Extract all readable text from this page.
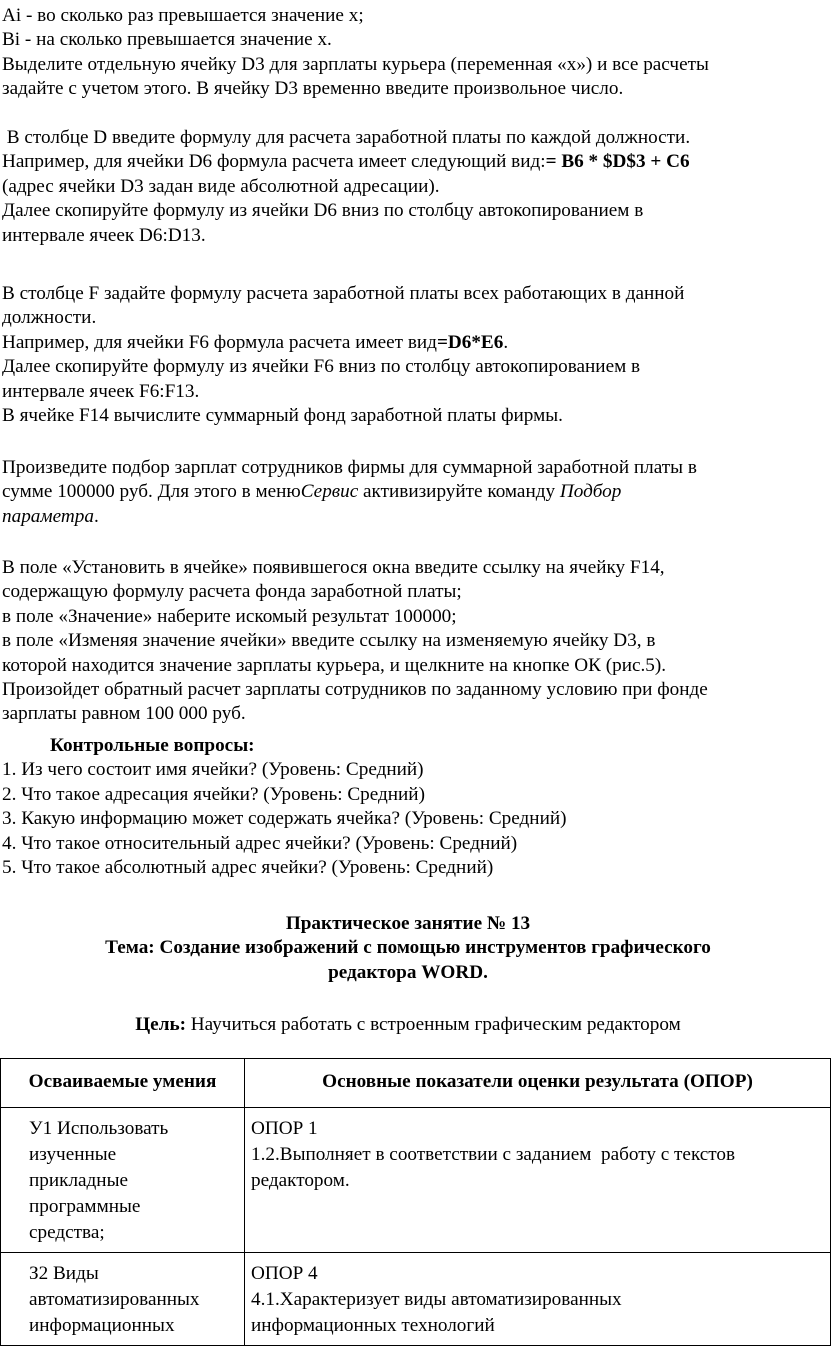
Ai - во сколько раз превышается значение х;

Bi - на сколько превышается значение х.

Выделите отдельную ячейку D3 для зарплаты курьера (переменная «х») и все расчеты

задайте с учетом этого. В ячейку D3 временно введите произвольное число.

В столбце D введите формулу для расчета заработной платы по каждой должности.

Например, для ячейки D6 формула расчета имеет следующий вид:= B6 * $D$3 + C6

(адрес ячейки D3 задан виде абсолютной адресации).

Далее скопируйте формулу из ячейки D6 вниз по столбцу автокопированием в

интервале ячеек D6:D13.

В столбце F задайте формулу расчета заработной платы всех работающих в данной

должности.

Например, для ячейки F6 формула расчета имеет вид=D6*E6.

Далее скопируйте формулу из ячейки F6 вниз по столбцу автокопированием в

интервале ячеек F6:F13.

В ячейке F14 вычислите суммарный фонд заработной платы фирмы.

Произведите подбор зарплат сотрудников фирмы для суммарной заработной платы в

сумме 100000 руб. Для этого в менюСервис активизируйте команду Подбор

параметра.

В поле «Установить в ячейке» появившегося окна введите ссылку на ячейку F14,

содержащую формулу расчета фонда заработной платы;

в поле «Значение» наберите искомый результат 100000;

в поле «Изменяя значение ячейки» введите ссылку на изменяемую ячейку D3, в

которой находится значение зарплаты курьера, и щелкните на кнопке ОК (рис.5).

Произойдет обратный расчет зарплаты сотрудников по заданному условию при фонде

зарплаты равном 100 000 руб.

Контрольные вопросы:

1. Из чего состоит имя ячейки? (Уровень: Средний)

2. Что такое адресация ячейки? (Уровень: Средний)

3. Какую информацию может содержать ячейка? (Уровень: Средний)

4. Что такое относительный адрес ячейки? (Уровень: Средний)

5. Что такое абсолютный адрес ячейки? (Уровень: Средний)

Практическое занятие № 13

Тема: Создание изображений с помощью инструментов графического

редактора WORD.

Цель: Научиться работать с встроенным графическим редактором

Осваиваемые умения	Основные показатели оценки результата (ОПОР)

У1 Использовать
изученные
прикладные
программные
средства;	ОПОР 1
1.2.Выполняет в соответствии с заданием  работу с текстов
редактором.

З2 Виды
автоматизированных
информационных	ОПОР 4
4.1.Характеризует виды автоматизированных
информационных технологий
